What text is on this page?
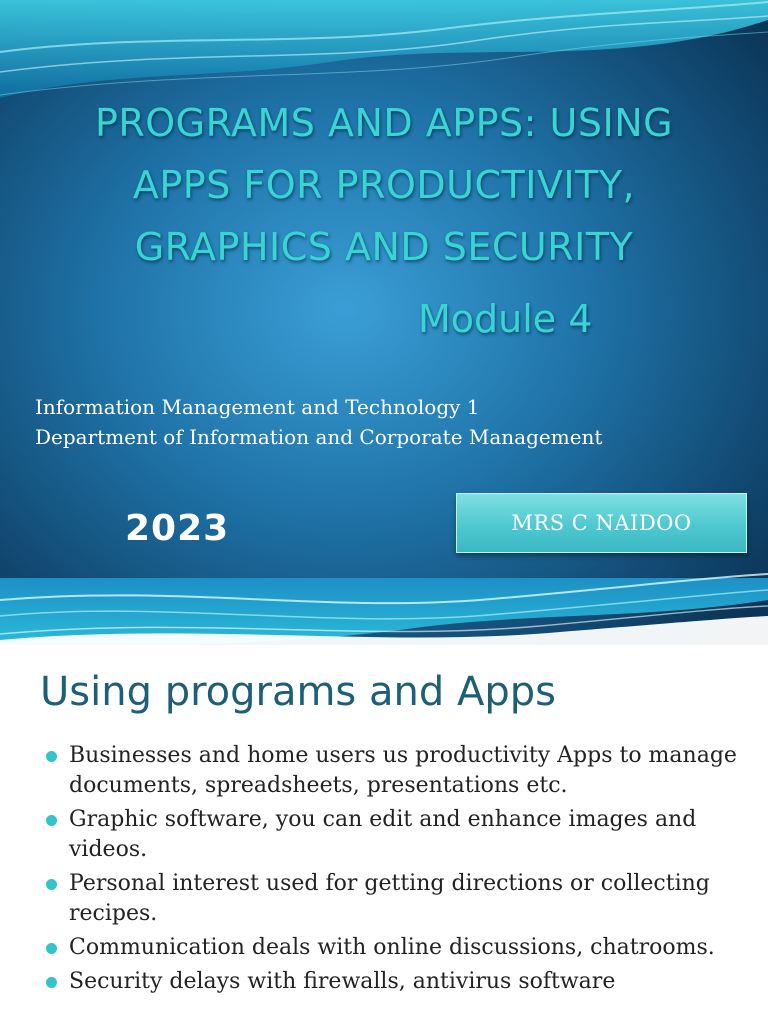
PROGRAMS AND APPS: USING
APPS FOR PRODUCTIVITY,
GRAPHICS AND SECURITY
Module 4
Information Management and Technology 1
Department of Information and Corporate Management
2023	MRS C NAIDOO
Using programs and Apps
Businesses and home users us productivity Apps to manage documents, spreadsheets, presentations etc.
Graphic software, you can edit and enhance images and videos.
Personal interest used for getting directions or collecting recipes.
Communication deals with online discussions, chatrooms.
Security delays with firewalls, antivirus software
